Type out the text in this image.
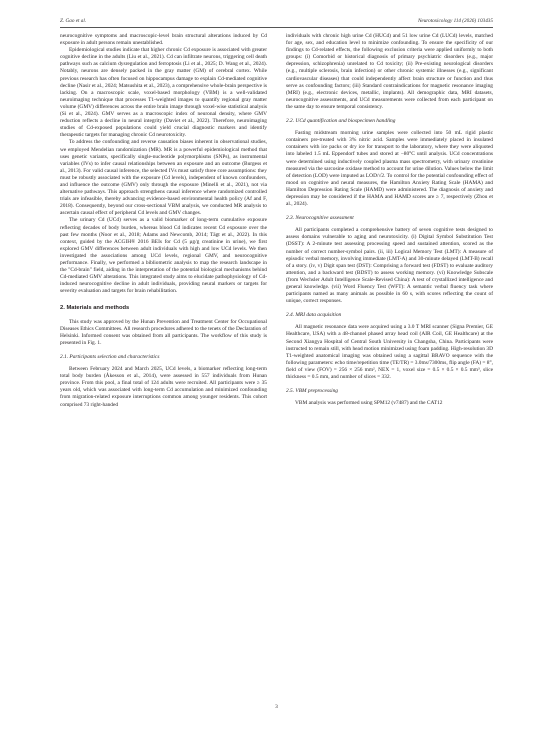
Z. Gao et al.	Neurotoxicology 114 (2026) 103435

neurocognitive symptoms and macroscopic-level brain structural alterations induced by Cd exposure in adult persons remain unestablished.

Epidemiological studies indicate that higher chronic Cd exposure is associated with greater cognitive decline in the adults (Liu et al., 2021). Cd can infiltrate neurons, triggering cell death pathways such as calcium dysregulation and ferroptosis (Li et al., 2025; D. Wang et al., 2024). Notably, neurons are densely packed in the gray matter (GM) of cerebral cortex. While previous research has often focused on hippocampus damage to explain Cd-mediated cognitive decline (Nasir et al., 2024; Matsushita et al., 2023), a comprehensive whole-brain perspective is lacking. On a macroscopic scale, voxel-based morphology (VBM) is a well-validated neuroimaging technique that processes T1-weighted images to quantify regional gray matter volume (GMV) differences across the entire brain image through voxel-wise statistical analysis (Si et al., 2024). GMV serves as a macroscopic index of neuronal density, where GMV reduction reflects a decline in neural integrity (Daviet et al., 2022). Therefore, neuroimaging studies of Cd-exposed populations could yield crucial diagnostic markers and identify therapeutic targets for managing chronic Cd neurotoxicity.

To address the confounding and reverse causation biases inherent in observational studies, we employed Mendelian randomization (MR). MR is a powerful epidemiological method that uses genetic variants, specifically single-nucleotide polymorphisms (SNPs), as instrumental variables (IVs) to infer causal relationships between an exposure and an outcome (Burgess et al., 2013). For valid causal inference, the selected IVs must satisfy three core assumptions: they must be robustly associated with the exposure (Cd levels), independent of known confounders, and influence the outcome (GMV) only through the exposure (Minelli et al., 2021), not via alternative pathways. This approach strengthens causal inference where randomized controlled trials are infeasible, thereby advancing evidence-based environmental health policy (Af and F, 2018). Consequently, beyond our cross-sectional VBM analysis, we conducted MR analysis to ascertain causal effect of peripheral Cd levels and GMV changes.

The urinary Cd (UCd) serves as a valid biomarker of long-term cumulative exposure reflecting decades of body burden, whereas blood Cd indicates recent Cd exposure over the past few months (Noor et al., 2018; Adams and Newcomb, 2014; Tägt et al., 2022). In this context, guided by the ACGIH® 2016 BEIs for Cd (5 μg/g creatinine in urine), we first explored GMV differences between adult individuals with high and low UCd levels. We then investigated the associations among UCd levels, regional GMV, and neurocognitive performance. Finally, we performed a bibliometric analysis to map the research landscape in the "Cd-brain" field, aiding in the interpretation of the potential biological mechanisms behind Cd-mediated GMV alterations. This integrated study aims to elucidate pathophysiology of Cd-induced neurocognitive decline in adult individuals, providing neural markers or targets for severity evaluation and targets for brain rehabilitation.

2. Materials and methods

This study was approved by the Hunan Prevention and Treatment Center for Occupational Diseases Ethics Committees. All research procedures adhered to the tenets of the Declaration of Helsinki. Informed consent was obtained from all participants. The workflow of this study is presented in Fig. 1.

2.1. Participants selection and characteristics

Between February 2024 and March 2025, UCd levels, a biomarker reflecting long-term total body burden (Åkesson et al., 2014), were assessed in 557 individuals from Hunan province. From this pool, a final total of 124 adults were recruited. All participants were ≥ 35 years old, which was associated with long-term Cd accumulation and minimized confounding from migration-related exposure interruptions common among younger residents. This cohort comprised 73 right-handed

individuals with chronic high urine Cd (HUCd) and 51 low urine Cd (LUCd) levels, matched for age, sex, and education level to minimize confounding. To ensure the specificity of our findings to Cd-related effects, the following exclusion criteria were applied uniformly to both groups: (i) Comorbid or historical diagnosis of primary psychiatric disorders (e.g., major depression, schizophrenia) unrelated to Cd toxicity; (ii) Pre-existing neurological disorders (e.g., multiple sclerosis, brain infection) or other chronic systemic illnesses (e.g., significant cardiovascular diseases) that could independently affect brain structure or function and thus serve as confounding factors; (iii) Standard contraindications for magnetic resonance imaging (MRI) (e.g., electronic devices, metallic, implants). All demographic data, MRI datasets, neurocognitive assessments, and UCd measurements were collected from each participant on the same day to ensure temporal consistency.

2.2. UCd quantification and biospecimen handling

Fasting midstream morning urine samples were collected into 50 mL rigid plastic containers pre-treated with 3% nitric acid. Samples were immediately placed in insulated containers with ice packs or dry ice for transport to the laboratory, where they were aliquoted into labeled 1.5 mL Eppendorf tubes and stored at −80°C until analysis. UCd concentrations were determined using inductively coupled plasma mass spectrometry, with urinary creatinine measured via the sarcosine oxidase method to account for urine dilution. Values below the limit of detection (LOD) were imputed as LOD/√2. To control for the potential confounding effect of mood on cognitive and neural measures, the Hamilton Anxiety Rating Scale (HAMA) and Hamilton Depression Rating Scale (HAMD) were administered. The diagnosis of anxiety and depression may be considered if the HAMA and HAMD scores are ≥ 7, respectively (Zhou et al., 2024).

2.3. Neurocognitive assessment

All participants completed a comprehensive battery of seven cognitive tests designed to assess domains vulnerable to aging and neurotoxicity. (i) Digital Symbol Substitution Test (DSST): A 2-minute test assessing processing speed and sustained attention, scored as the number of correct number-symbol pairs. (ii, iii) Logical Memory Test (LMT): A measure of episodic verbal memory, involving immediate (LMT-A) and 30-minute delayed (LMT-B) recall of a story. (iv, v) Digit span test (DST): Comprising a forward test (FDST) to evaluate auditory attention, and a backward test (BDST) to assess working memory. (vi) Knowledge Subscale (from Wechsler Adult Intelligence Scale-Revised China): A test of crystallized intelligence and general knowledge. (vii) Word Fluency Test (WFT): A semantic verbal fluency task where participants named as many animals as possible in 60 s, with scores reflecting the count of unique, correct responses.

2.4. MRI data acquisition

All magnetic resonance data were acquired using a 3.0 T MRI scanner (Signa Premier, GE Healthcare, USA) with a 48-channel phased array head coil (AIR Coil, GE Healthcare) at the Second Xiangya Hospital of Central South University in Changsha, China. Participants were instructed to remain still, with head motion minimized using foam padding. High-resolution 3D T1-weighted anatomical imaging was obtained using a sagittal BRAVO sequence with the following parameters: echo time/repetition time (TE/TR) = 3.0ms/7300ms, flip angle (FA) = 8°, field of view (FOV) = 256 × 256 mm², NEX = 1, voxel size = 0.5 × 0.5 × 0.5 mm³, slice thickness = 0.5 mm, and number of slices = 332.

2.5. VBM preprocessing

VBM analysis was performed using SPM12 (v7487) and the CAT12

3
